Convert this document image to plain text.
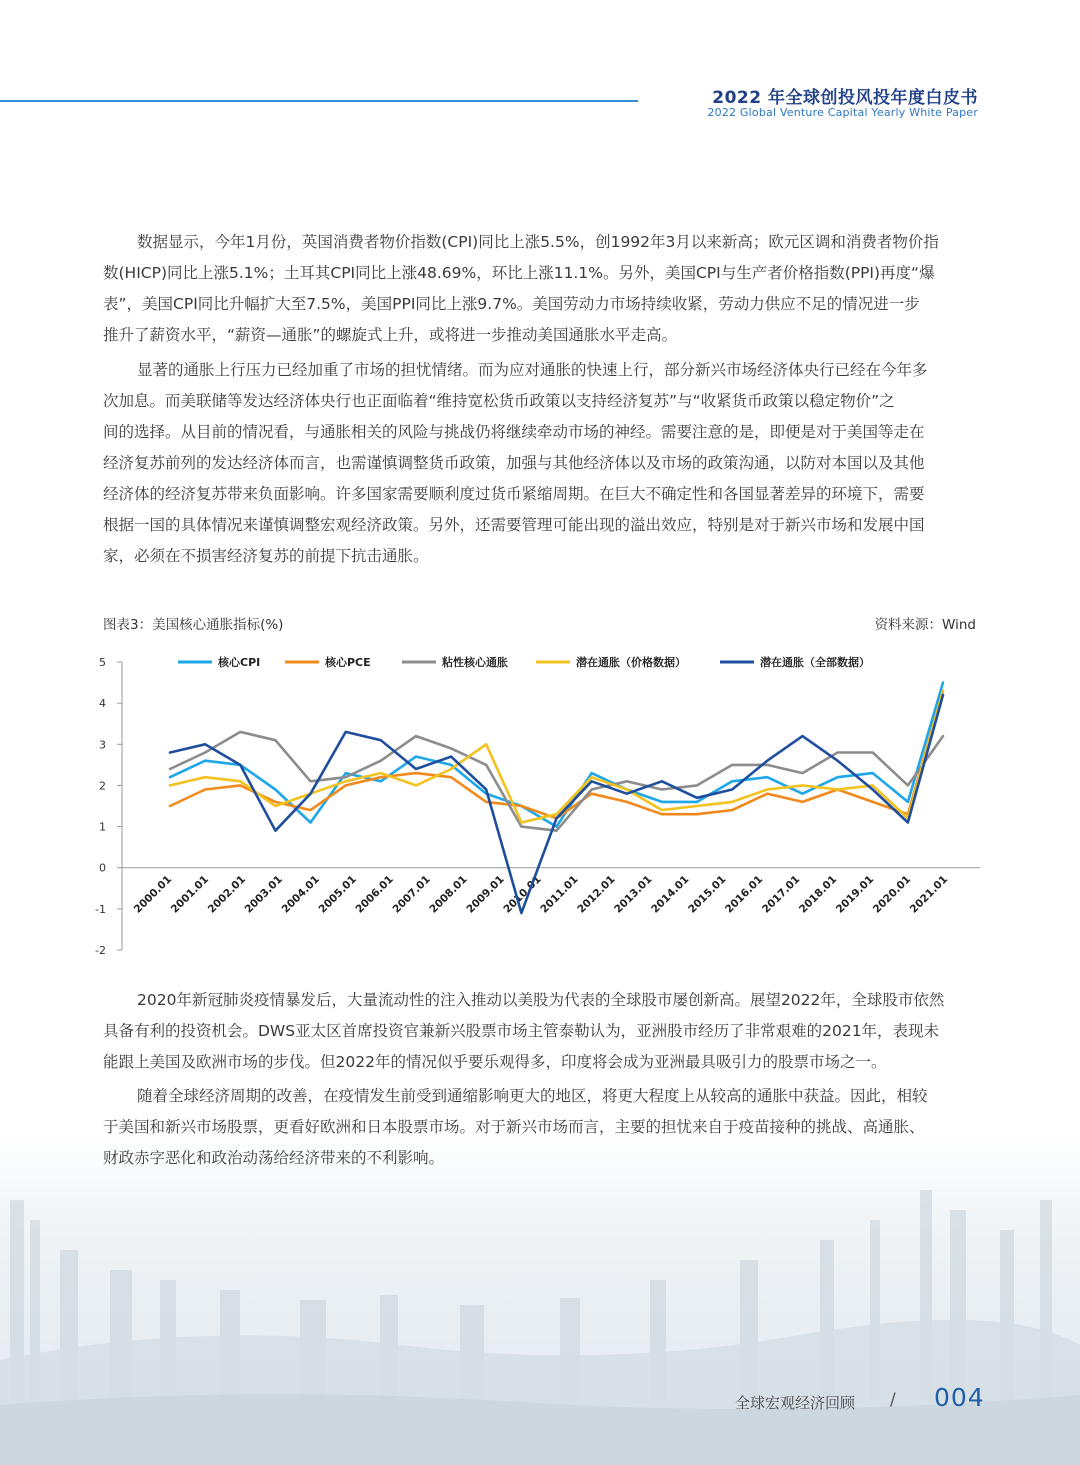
2022 年全球创投风投年度白皮书
2022 Global Venture Capital Yearly White Paper
数据显示，今年1月份，英国消费者物价指数(CPI)同比上涨5.5%，创1992年3月以来新高；欧元区调和消费者物价指
数(HICP)同比上涨5.1%；土耳其CPI同比上涨48.69%，环比上涨11.1%。另外，美国CPI与生产者价格指数(PPI)再度“爆
表”，美国CPI同比升幅扩大至7.5%，美国PPI同比上涨9.7%。美国劳动力市场持续收紧，劳动力供应不足的情况进一步
推升了薪资水平，“薪资—通胀”的螺旋式上升，或将进一步推动美国通胀水平走高。
显著的通胀上行压力已经加重了市场的担忧情绪。而为应对通胀的快速上行，部分新兴市场经济体央行已经在今年多
次加息。而美联储等发达经济体央行也正面临着“维持宽松货币政策以支持经济复苏”与“收紧货币政策以稳定物价”之
间的选择。从目前的情况看，与通胀相关的风险与挑战仍将继续牵动市场的神经。需要注意的是，即便是对于美国等走在
经济复苏前列的发达经济体而言，也需谨慎调整货币政策，加强与其他经济体以及市场的政策沟通，以防对本国以及其他
经济体的经济复苏带来负面影响。许多国家需要顺利度过货币紧缩周期。在巨大不确定性和各国显著差异的环境下，需要
根据一国的具体情况来谨慎调整宏观经济政策。另外，还需要管理可能出现的溢出效应，特别是对于新兴市场和发展中国
家，必须在不损害经济复苏的前提下抗击通胀。
图表3：美国核心通胀指标(%)	资料来源：Wind
5
4
3
2
1
0
-1
-2
2000.01
2001.01
2002.01
2003.01
2004.01
2005.01
2006.01
2007.01
2008.01
2009.01
2010.01
2011.01
2012.01
2013.01
2014.01
2015.01
2016.01
2017.01
2018.01
2019.01
2020.01
2021.01
核心CPI	核心PCE	粘性核心通胀	潜在通胀（价格数据）	潜在通胀（全部数据）
2020年新冠肺炎疫情暴发后，大量流动性的注入推动以美股为代表的全球股市屡创新高。展望2022年，全球股市依然
具备有利的投资机会。DWS亚太区首席投资官兼新兴股票市场主管泰勒认为，亚洲股市经历了非常艰难的2021年，表现未
能跟上美国及欧洲市场的步伐。但2022年的情况似乎要乐观得多，印度将会成为亚洲最具吸引力的股票市场之一。
随着全球经济周期的改善，在疫情发生前受到通缩影响更大的地区，将更大程度上从较高的通胀中获益。因此，相较
于美国和新兴市场股票，更看好欧洲和日本股票市场。对于新兴市场而言，主要的担忧来自于疫苗接种的挑战、高通胀、
财政赤字恶化和政治动荡给经济带来的不利影响。
全球宏观经济回顾 / 004
